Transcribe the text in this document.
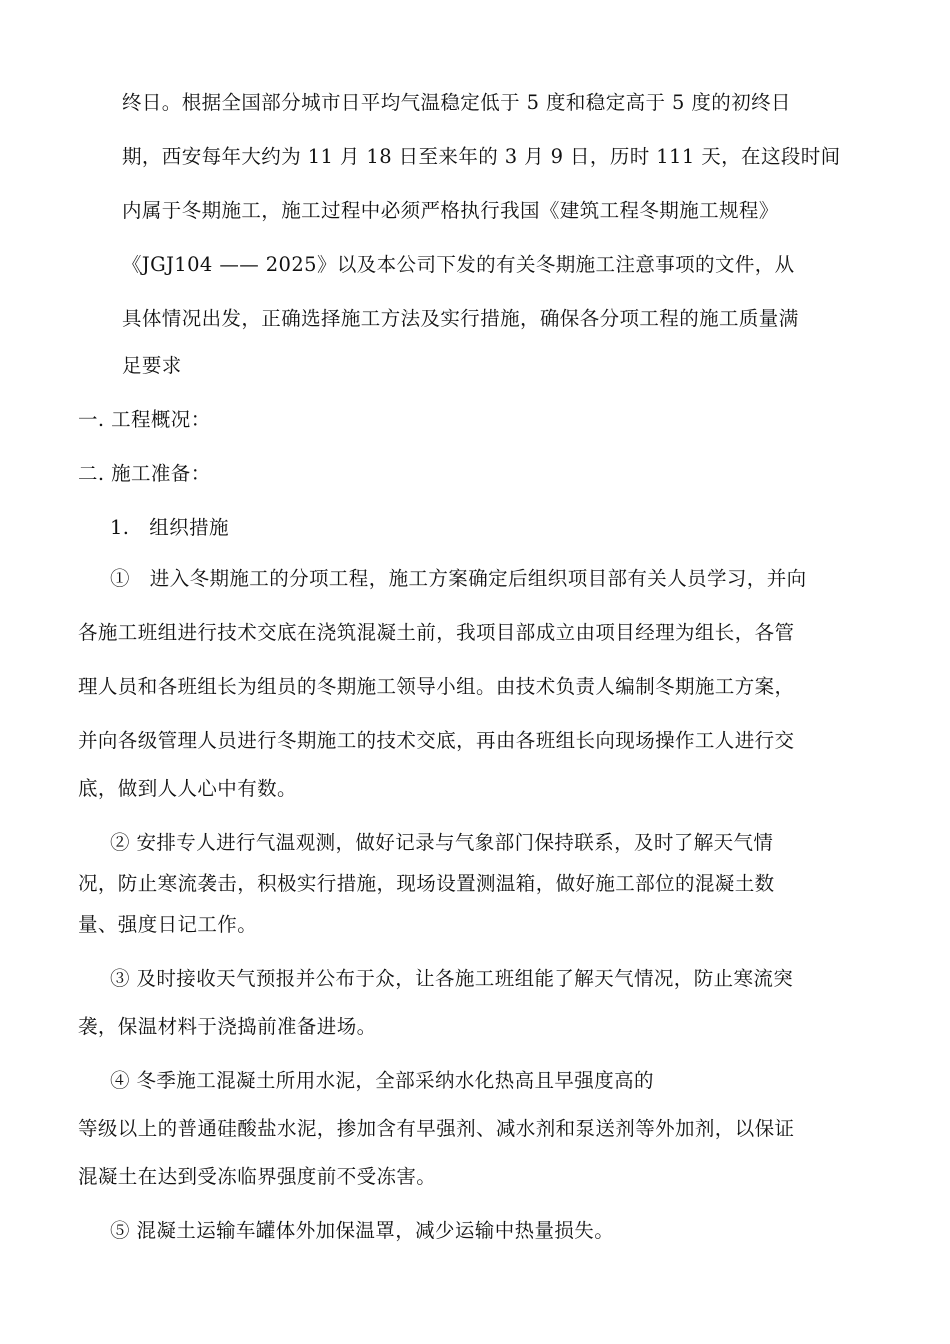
终日。根据全国部分城市日平均气温稳定低于 5 度和稳定高于 5 度的初终日
期，西安每年大约为 11 月 18 日至来年的 3 月 9 日，历时 111 天，在这段时间
内属于冬期施工，施工过程中必须严格执行我国《建筑工程冬期施工规程》
《JGJ104 —— 2025》以及本公司下发的有关冬期施工注意事项的文件，从
具体情况出发，正确选择施工方法及实行措施，确保各分项工程的施工质量满
足要求
一. 工程概况：
二. 施工准备：
1.　组织措施
①　进入冬期施工的分项工程，施工方案确定后组织项目部有关人员学习，并向
各施工班组进行技术交底在浇筑混凝土前，我项目部成立由项目经理为组长，各管
理人员和各班组长为组员的冬期施工领导小组。由技术负责人编制冬期施工方案，
并向各级管理人员进行冬期施工的技术交底，再由各班组长向现场操作工人进行交
底，做到人人心中有数。
② 安排专人进行气温观测，做好记录与气象部门保持联系，及时了解天气情
况，防止寒流袭击，积极实行措施，现场设置测温箱，做好施工部位的混凝土数
量、强度日记工作。
③ 及时接收天气预报并公布于众，让各施工班组能了解天气情况，防止寒流突
袭，保温材料于浇捣前准备进场。
④ 冬季施工混凝土所用水泥，全部采纳水化热高且早强度高的
等级以上的普通硅酸盐水泥，掺加含有早强剂、减水剂和泵送剂等外加剂，以保证
混凝土在达到受冻临界强度前不受冻害。
⑤ 混凝土运输车罐体外加保温罩，减少运输中热量损失。
